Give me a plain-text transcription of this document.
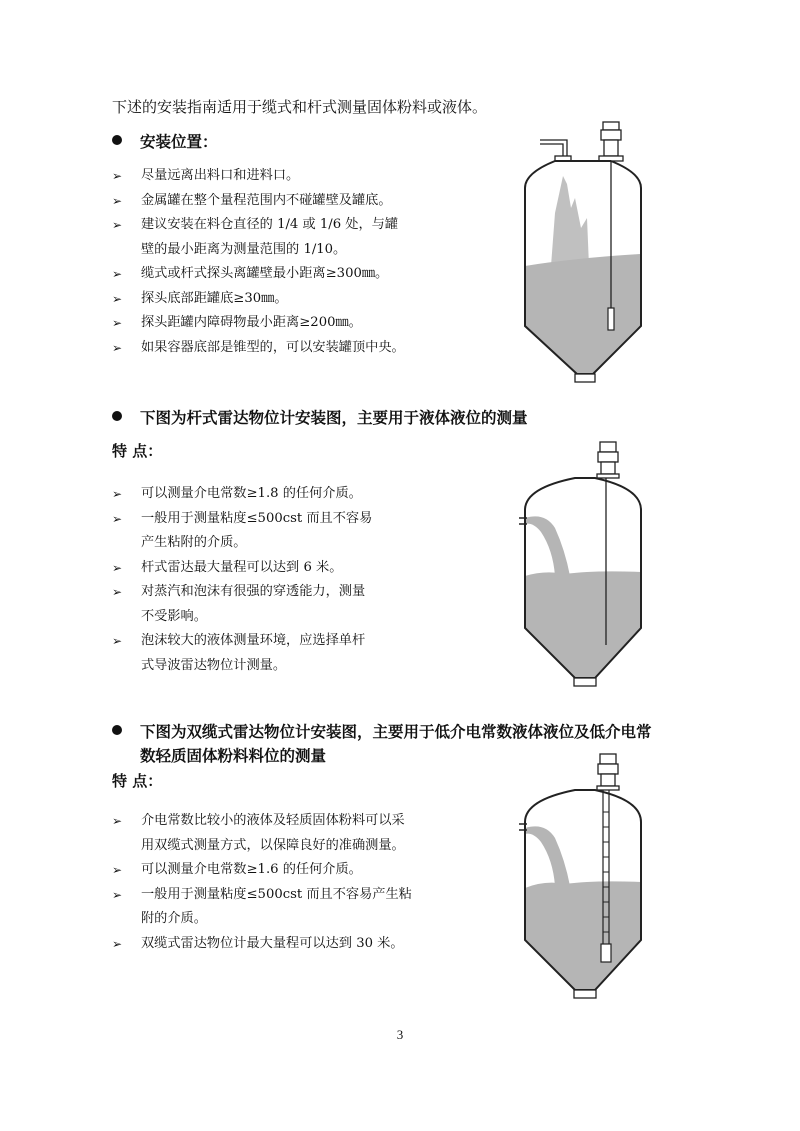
下述的安装指南适用于缆式和杆式测量固体粉料或液体。
安装位置：
➢ 尽量远离出料口和进料口。
➢ 金属罐在整个量程范围内不碰罐壁及罐底。
➢ 建议安装在料仓直径的 1/4 或 1/6 处，与罐
壁的最小距离为测量范围的 1/10。
➢ 缆式或杆式探头离罐壁最小距离≥300㎜。
➢ 探头底部距罐底≥30㎜。
➢ 探头距罐内障碍物最小距离≥200㎜。
➢ 如果容器底部是锥型的，可以安装罐顶中央。
下图为杆式雷达物位计安装图，主要用于液体液位的测量
特 点：
➢ 可以测量介电常数≥1.8 的任何介质。
➢ 一般用于测量粘度≤500cst 而且不容易
产生粘附的介质。
➢ 杆式雷达最大量程可以达到 6 米。
➢ 对蒸汽和泡沫有很强的穿透能力，测量
不受影响。
➢ 泡沫较大的液体测量环境，应选择单杆
式导波雷达物位计测量。
下图为双缆式雷达物位计安装图，主要用于低介电常数液体液位及低介电常
数轻质固体粉料料位的测量
特 点：
➢ 介电常数比较小的液体及轻质固体粉料可以采
用双缆式测量方式，以保障良好的准确测量。
➢ 可以测量介电常数≥1.6 的任何介质。
➢ 一般用于测量粘度≤500cst 而且不容易产生粘
附的介质。
➢ 双缆式雷达物位计最大量程可以达到 30 米。
3
